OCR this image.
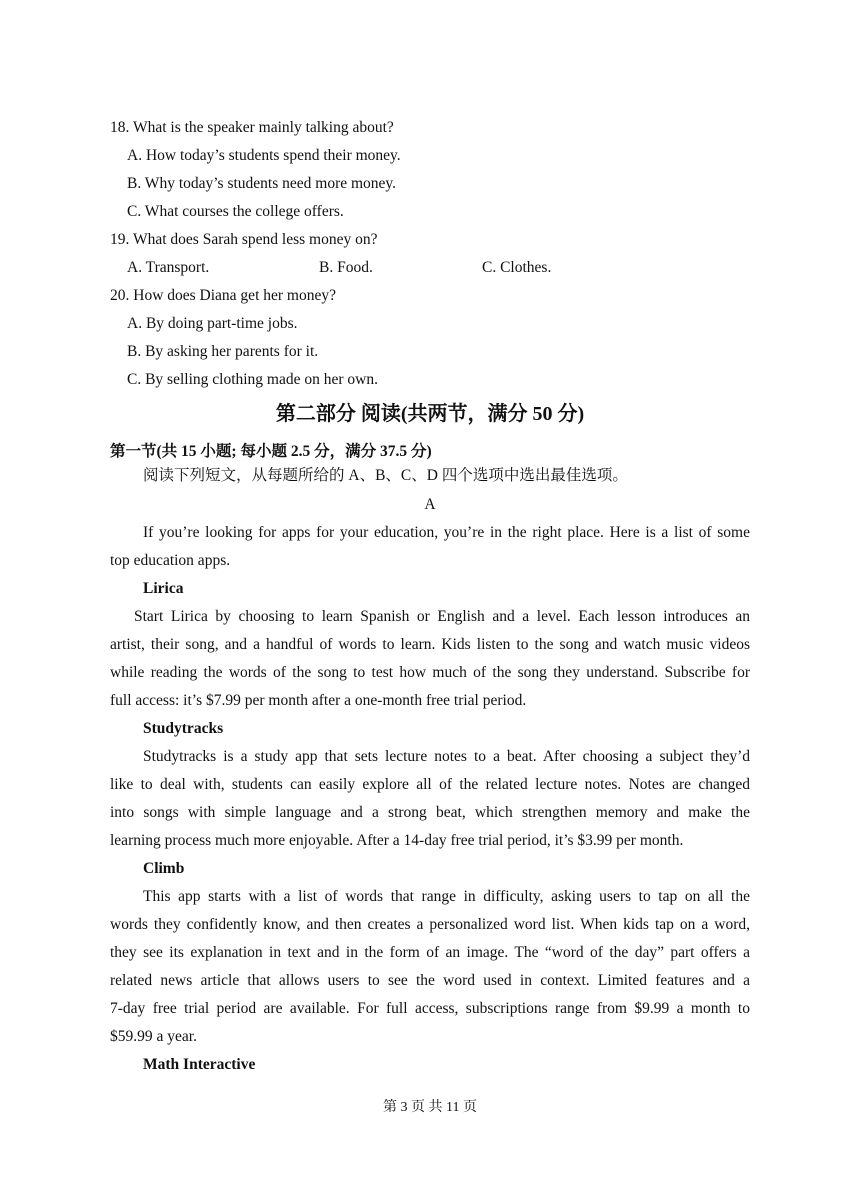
18. What is the speaker mainly talking about?
A. How today’s students spend their money.
B. Why today’s students need more money.
C. What courses the college offers.
19. What does Sarah spend less money on?
A. Transport.	B. Food.	C. Clothes.
20. How does Diana get her money?
A. By doing part-time jobs.
B. By asking her parents for it.
C. By selling clothing made on her own.
第二部分 阅读(共两节，满分 50 分)
第一节(共 15 小题; 每小题 2.5 分，满分 37.5 分)
阅读下列短文，从每题所给的 A、B、C、D 四个选项中选出最佳选项。
A
If you’re looking for apps for your education, you’re in the right place. Here is a list of some
top education apps.
Lirica
Start Lirica by choosing to learn Spanish or English and a level. Each lesson introduces an
artist, their song, and a handful of words to learn. Kids listen to the song and watch music videos
while reading the words of the song to test how much of the song they understand. Subscribe for
full access: it’s $7.99 per month after a one-month free trial period.
Studytracks
Studytracks is a study app that sets lecture notes to a beat. After choosing a subject they’d
like to deal with, students can easily explore all of the related lecture notes. Notes are changed
into songs with simple language and a strong beat, which strengthen memory and make the
learning process much more enjoyable. After a 14-day free trial period, it’s $3.99 per month.
Climb
This app starts with a list of words that range in difficulty, asking users to tap on all the
words they confidently know, and then creates a personalized word list. When kids tap on a word,
they see its explanation in text and in the form of an image. The “word of the day” part offers a
related news article that allows users to see the word used in context. Limited features and a
7-day free trial period are available. For full access, subscriptions range from $9.99 a month to
$59.99 a year.
Math Interactive
第 3 页 共 11 页
